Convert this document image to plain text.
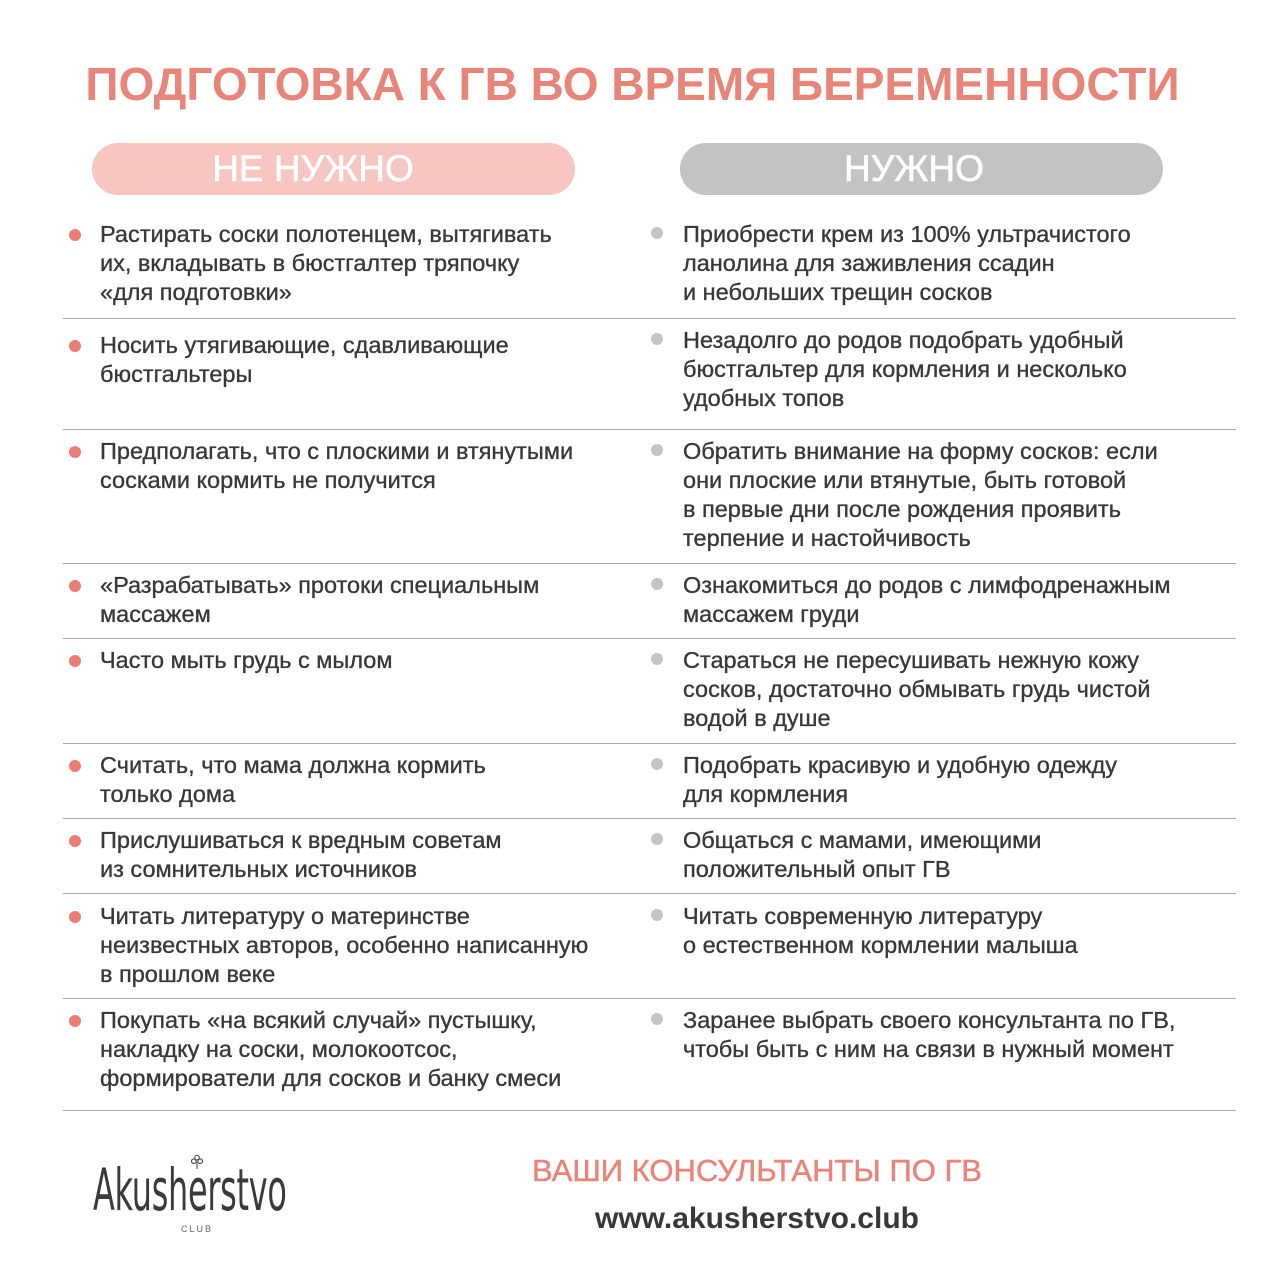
ПОДГОТОВКА К ГВ ВО ВРЕМЯ БЕРЕМЕННОСТИ
НЕ НУЖНО	НУЖНО
Растирать соски полотенцем, вытягивать
их, вкладывать в бюстгалтер тряпочку
«для подготовки»
Приобрести крем из 100% ультрачистого
ланолина для заживления ссадин
и небольших трещин сосков
Носить утягивающие, сдавливающие
бюстгальтеры
Незадолго до родов подобрать удобный
бюстгальтер для кормления и несколько
удобных топов
Предполагать, что с плоскими и втянутыми
сосками кормить не получится
Обратить внимание на форму сосков: если
они плоские или втянутые, быть готовой
в первые дни после рождения проявить
терпение и настойчивость
«Разрабатывать» протоки специальным
массажем
Ознакомиться до родов с лимфодренажным
массажем груди
Часто мыть грудь с мылом	Стараться не пересушивать нежную кожу
сосков, достаточно обмывать грудь чистой
водой в душе
Считать, что мама должна кормить
только дома
Подобрать красивую и удобную одежду
для кормления
Прислушиваться к вредным советам
из сомнительных источников
Общаться с мамами, имеющими
положительный опыт ГВ
Читать литературу о материнстве
неизвестных авторов, особенно написанную
в прошлом веке
Читать современную литературу
о естественном кормлении малыша
Покупать «на всякий случай» пустышку,
накладку на соски, молокоотсос,
формирователи для сосков и банку смеси
Заранее выбрать своего консультанта по ГВ,
чтобы быть с ним на связи в нужный момент
Akusherstvo
CLUB
ВАШИ КОНСУЛЬТАНТЫ ПО ГВ
www.akusherstvo.club
